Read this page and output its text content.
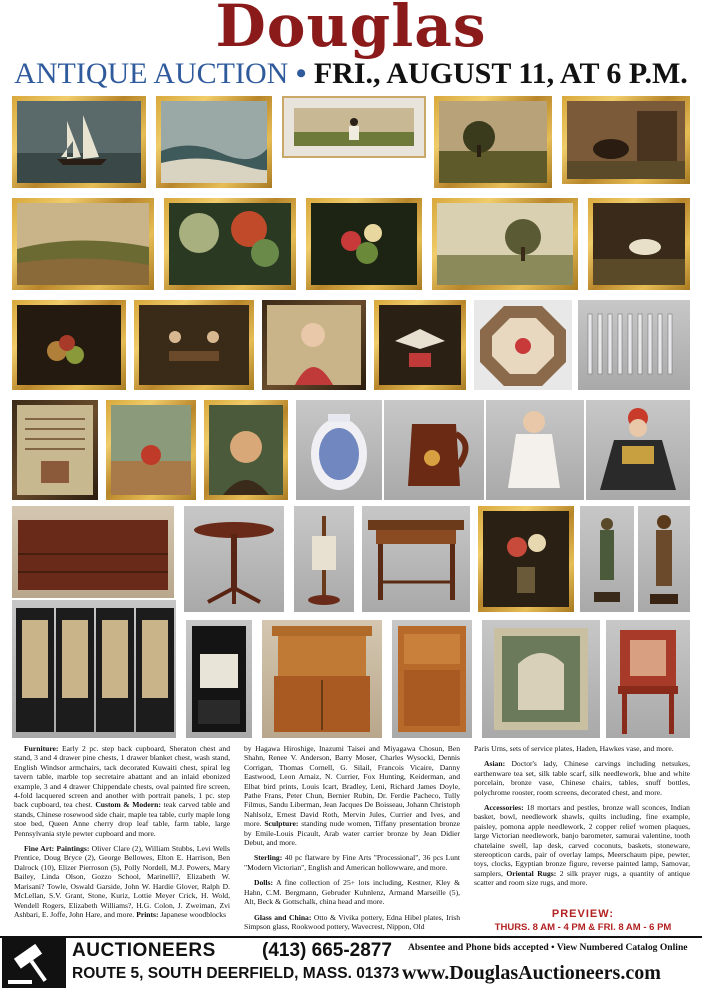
Douglas
ANTIQUE AUCTION • FRI., AUGUST 11, AT 6 P.M.

Furniture: Early 2 pc. step back cupboard, Sheraton chest and stand, 3 and 4 drawer pine chests, 1 drawer blanket chest, wash stand, English Windsor armchairs, tack decorated Kuwaiti chest, spiral leg tavern table, marble top secretaire abattant and an inlaid ebonized example, 3 and 4 drawer Chippendale chests, oval painted fire screen, 4-fold lacquered screen and another with portrait panels, 1 pc. step back cupboard, tea chest. Custom & Modern: teak carved table and stands, Chinese rosewood side chair, maple tea table, curly maple long stoe bed, Queen Anne cherry drop leaf table, farm table, large Pennsylvania style pewter cupboard and more.

Fine Art: Paintings: Oliver Clare (2), William Stubbs, Levi Wells Prentice, Doug Bryce (2), George Bellowes, Elton E. Harrison, Ben Dalrock (10), Elizer Pierroson (5), Polly Nordell, M.J. Powers, Mary Bailey, Linda Olson, Gozzo School, Marinelli?, Elizabeth W. Marisani? Towle, Oswald Garside, John W. Hardie Glover, Ralph D. McLellan, S.V. Grant, Stone, Kuriz, Lottie Meyer Crick, H. Wold, Wendell Rogers, Elizabeth Williams?, H.G. Colon, J. Zweiman, Zvi Ashbari, E. Joffe, John Hare, and more. Prints: Japanese woodblocks

by Hagawa Hiroshige, Inazumi Taisei and Miyagawa Chosun, Ben Shahn, Renee V. Anderson, Barry Moser, Charles Wysocki, Dennis Corrigan, Thomas Cornell, G. Silail, Francois Vicaire, Danny Eastwood, Leon Arnaiz, N. Currier, Fox Hunting, Keiderman, and Elbat bird prints, Louis Icart, Bradley, Leni, Richard James Doyle, Pathe Frans, Peter Chun, Bernier Rubin, Dr. Ferdie Pacheco, Tully Filmus, Sandu Liberman, Jean Jacques De Boisseau, Johann Christoph Nahlsolz, Ernest David Roth, Mervin Jules, Currier and Ives, and more. Sculpture: standing nude women, Tiffany presentation bronze by Emile-Louis Picault, Arab water carrier bronze by Jean Didier Debut, and more.

Sterling: 40 pc flatware by Fine Arts "Processional", 36 pcs Lunt "Modern Victorian", English and American hollowware, and more.

Dolls: A fine collection of 25+ lots including, Kestner, Kley & Hahn, C.M. Bergmann, Gebruder Kuhnlenz, Armand Marseille (5), Alt, Beck & Gottschalk, china head and more.

Glass and China: Otto & Vivika pottery, Edna Hibel plates, Irish Simpson glass, Rookwood pottery, Wavecrest, Nippon, Old

Paris Urns, sets of service plates, Haden, Hawkes vase, and more.

Asian: Doctor's lady, Chinese carvings including netsukes, earthenware tea set, silk table scarf, silk needlework, blue and white porcelain, bronze vase, Chinese chairs, tables, snuff bottles, polychrome rooster, room screens, decorated chest, and more.

Accessories: 18 mortars and pestles, bronze wall sconces, Indian basket, bowl, needlework shawls, quilts including, fine example, paisley, pomona apple needlework, 2 copper relief women plaques, large Victorian needlework, banjo barometer, samurai valentine, tooth chatelaine swell, lap desk, carved coconuts, baskets, stoneware, stereopticon cards, pair of overlay lamps, Meerschaum pipe, pewter, toys, clocks, Egyptian bronze figure, reverse painted lamp, Samovar, samplers, Oriental Rugs: 2 silk prayer rugs, a quantity of antique scatter and room size rugs, and more.

PREVIEW:
THURS. 8 AM - 4 PM & FRI. 8 AM - 6 PM
AUCTIONEERS (413) 665-2877
ROUTE 5, SOUTH DEERFIELD, MASS. 01373
Absentee and Phone bids accepted • View Numbered Catalog Online
www.DouglasAuctioneers.com
